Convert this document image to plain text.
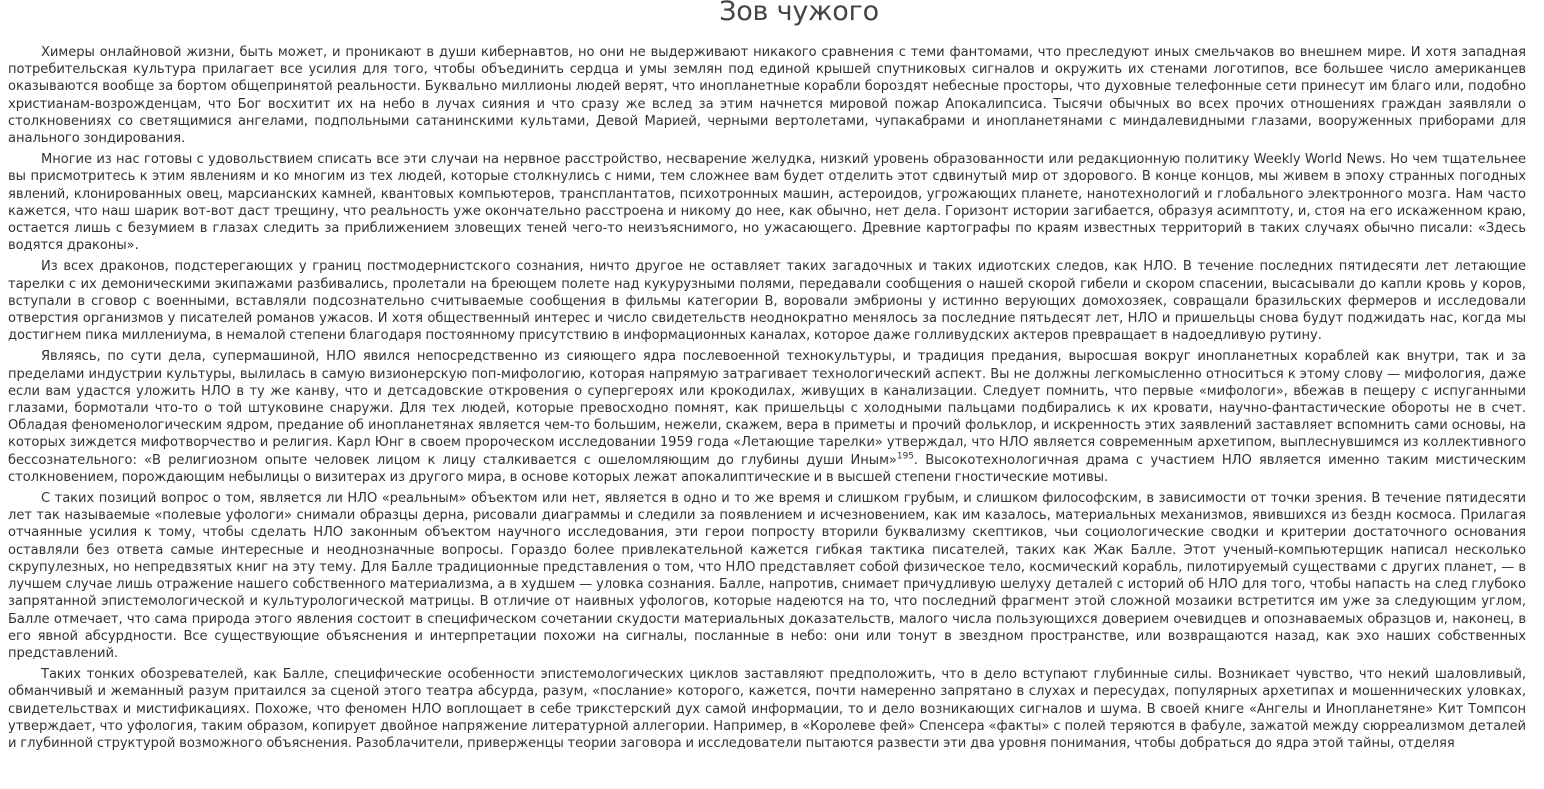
Зов чужого

Химеры онлайновой жизни, быть может, и проникают в души кибернавтов, но они не выдерживают никакого сравнения с теми фантомами, что преследуют иных смельчаков во внешнем мире. И хотя западная потребительская культура прилагает все усилия для того, чтобы объединить сердца и умы землян под единой крышей спутниковых сигналов и окружить их стенами логотипов, все большее число американцев оказываются вообще за бортом общепринятой реальности. Буквально миллионы людей верят, что инопланетные корабли бороздят небесные просторы, что духовные телефонные сети принесут им благо или, подобно христианам-возрожденцам, что Бог восхитит их на небо в лучах сияния и что сразу же вслед за этим начнется мировой пожар Апокалипсиса. Тысячи обычных во всех прочих отношениях граждан заявляли о столкновениях со светящимися ангелами, подпольными сатанинскими культами, Девой Марией, черными вертолетами, чупакабрами и инопланетянами с миндалевидными глазами, вооруженных приборами для анального зондирования.

Многие из нас готовы с удовольствием списать все эти случаи на нервное расстройство, несварение желудка, низкий уровень образованности или редакционную политику Weekly World News. Но чем тщательнее вы присмотритесь к этим явлениям и ко многим из тех людей, которые столкнулись с ними, тем сложнее вам будет отделить этот сдвинутый мир от здорового. В конце концов, мы живем в эпоху странных погодных явлений, клонированных овец, марсианских камней, квантовых компьютеров, трансплантатов, психотронных машин, астероидов, угрожающих планете, нанотехнологий и глобального электронного мозга. Нам часто кажется, что наш шарик вот-вот даст трещину, что реальность уже окончательно расстроена и никому до нее, как обычно, нет дела. Горизонт истории загибается, образуя асимптоту, и, стоя на его искаженном краю, остается лишь с безумием в глазах следить за приближением зловещих теней чего-то неизъяснимого, но ужасающего. Древние картографы по краям известных территорий в таких случаях обычно писали: «Здесь водятся драконы».

Из всех драконов, подстерегающих у границ постмодернистского сознания, ничто другое не оставляет таких загадочных и таких идиотских следов, как НЛО. В течение последних пятидесяти лет летающие тарелки с их демоническими экипажами разбивались, пролетали на бреющем полете над кукурузными полями, передавали сообщения о нашей скорой гибели и скором спасении, высасывали до капли кровь у коров, вступали в сговор с военными, вставляли подсознательно считываемые сообщения в фильмы категории В, воровали эмбрионы у истинно верующих домохозяек, совращали бразильских фермеров и исследовали отверстия организмов у писателей романов ужасов. И хотя общественный интерес и число свидетельств неоднократно менялось за последние пятьдесят лет, НЛО и пришельцы снова будут поджидать нас, когда мы достигнем пика миллениума, в немалой степени благодаря постоянному присутствию в информационных каналах, которое даже голливудских актеров превращает в надоедливую рутину.

Являясь, по сути дела, супермашиной, НЛО явился непосредственно из сияющего ядра послевоенной технокультуры, и традиция предания, выросшая вокруг инопланетных кораблей как внутри, так и за пределами индустрии культуры, вылилась в самую визионерскую поп-мифологию, которая напрямую затрагивает технологический аспект. Вы не должны легкомысленно относиться к этому слову — мифология, даже если вам удастся уложить НЛО в ту же канву, что и детсадовские откровения о супергероях или крокодилах, живущих в канализации. Следует помнить, что первые «мифологи», вбежав в пещеру с испуганными глазами, бормотали что-то о той штуковине снаружи. Для тех людей, которые превосходно помнят, как пришельцы с холодными пальцами подбирались к их кровати, научно-фантастические обороты не в счет. Обладая феноменологическим ядром, предание об инопланетянах является чем-то большим, нежели, скажем, вера в приметы и прочий фольклор, и искренность этих заявлений заставляет вспомнить сами основы, на которых зиждется мифотворчество и религия. Карл Юнг в своем пророческом исследовании 1959 года «Летающие тарелки» утверждал, что НЛО является современным архетипом, выплеснувшимся из коллективного бессознательного: «В религиозном опыте человек лицом к лицу сталкивается с ошеломляющим до глубины души Иным»$^{195}$. Высокотехнологичная драма с участием НЛО является именно таким мистическим столкновением, порождающим небылицы о визитерах из другого мира, в основе которых лежат апокалиптические и в высшей степени гностические мотивы.

С таких позиций вопрос о том, является ли НЛО «реальным» объектом или нет, является в одно и то же время и слишком грубым, и слишком философским, в зависимости от точки зрения. В течение пятидесяти лет так называемые «полевые уфологи» снимали образцы дерна, рисовали диаграммы и следили за появлением и исчезновением, как им казалось, материальных механизмов, явившихся из бездн космоса. Прилагая отчаянные усилия к тому, чтобы сделать НЛО законным объектом научного исследования, эти герои попросту вторили буквализму скептиков, чьи социологические сводки и критерии достаточного основания оставляли без ответа самые интересные и неоднозначные вопросы. Гораздо более привлекательной кажется гибкая тактика писателей, таких как Жак Балле. Этот ученый-компьютерщик написал несколько скрупулезных, но непредвзятых книг на эту тему. Для Балле традиционные представления о том, что НЛО представляет собой физическое тело, космический корабль, пилотируемый существами с других планет, — в лучшем случае лишь отражение нашего собственного материализма, а в худшем — уловка сознания. Балле, напротив, снимает причудливую шелуху деталей с историй об НЛО для того, чтобы напасть на след глубоко запрятанной эпистемологической и культурологической матрицы. В отличие от наивных уфологов, которые надеются на то, что последний фрагмент этой сложной мозаики встретится им уже за следующим углом, Балле отмечает, что сама природа этого явления состоит в специфическом сочетании скудости материальных доказательств, малого числа пользующихся доверием очевидцев и опознаваемых образцов и, наконец, в его явной абсурдности. Все существующие объяснения и интерпретации похожи на сигналы, посланные в небо: они или тонут в звездном пространстве, или возвращаются назад, как эхо наших собственных представлений.

Таких тонких обозревателей, как Балле, специфические особенности эпистемологических циклов заставляют предположить, что в дело вступают глубинные силы. Возникает чувство, что некий шаловливый, обманчивый и жеманный разум притаился за сценой этого театра абсурда, разум, «послание» которого, кажется, почти намеренно запрятано в слухах и пересудах, популярных архетипах и мошеннических уловках, свидетельствах и мистификациях. Похоже, что феномен НЛО воплощает в себе трикстерский дух самой информации, то и дело возникающих сигналов и шума. В своей книге «Ангелы и Инопланетяне» Кит Томпсон утверждает, что уфология, таким образом, копирует двойное напряжение литературной аллегории. Например, в «Королеве фей» Спенсера «факты» с полей теряются в фабуле, зажатой между сюрреализмом деталей и глубинной структурой возможного объяснения. Разоблачители, приверженцы теории заговора и исследователи пытаются развести эти два уровня понимания, чтобы добраться до ядра этой тайны, отделяя
